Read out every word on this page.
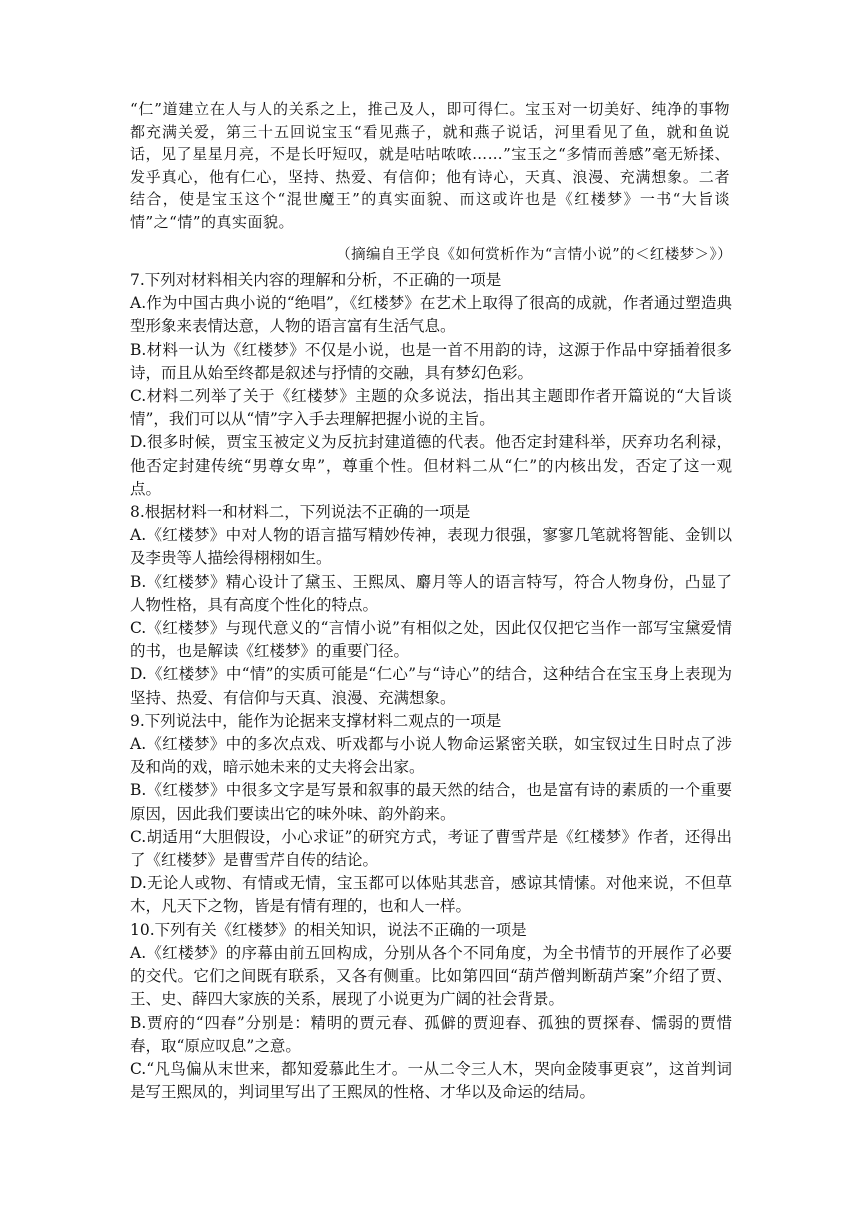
“仁”道建立在人与人的关系之上，推己及人，即可得仁。宝玉对一切美好、纯净的事物都充满关爱，第三十五回说宝玉“看见燕子，就和燕子说话，河里看见了鱼，就和鱼说话，见了星星月亮，不是长吁短叹，就是咕咕哝哝……”宝玉之“多情而善感”毫无矫揉、发乎真心，他有仁心，坚持、热爱、有信仰；他有诗心，天真、浪漫、充满想象。二者结合，使是宝玉这个“混世魔王”的真实面貌、而这或许也是《红楼梦》一书“大旨谈情”之“情”的真实面貌。

（摘编自王学良《如何赏析作为“言情小说”的＜红楼梦＞》）

7.下列对材料相关内容的理解和分析，不正确的一项是

A.作为中国古典小说的“绝唱”，《红楼梦》在艺术上取得了很高的成就，作者通过塑造典型形象来表情达意，人物的语言富有生活气息。

B.材料一认为《红楼梦》不仅是小说，也是一首不用韵的诗，这源于作品中穿插着很多诗，而且从始至终都是叙述与抒情的交融，具有梦幻色彩。

C.材料二列举了关于《红楼梦》主题的众多说法，指出其主题即作者开篇说的“大旨谈情”，我们可以从“情”字入手去理解把握小说的主旨。

D.很多时候，贾宝玉被定义为反抗封建道德的代表。他否定封建科举，厌弃功名利禄，他否定封建传统“男尊女卑”，尊重个性。但材料二从“仁”的内核出发，否定了这一观点。

8.根据材料一和材料二，下列说法不正确的一项是

A.《红楼梦》中对人物的语言描写精妙传神，表现力很强，寥寥几笔就将智能、金钏以及李贵等人描绘得栩栩如生。

B.《红楼梦》精心设计了黛玉、王熙凤、麝月等人的语言特写，符合人物身份，凸显了人物性格，具有高度个性化的特点。

C.《红楼梦》与现代意义的“言情小说”有相似之处，因此仅仅把它当作一部写宝黛爱情的书，也是解读《红楼梦》的重要门径。

D.《红楼梦》中“情”的实质可能是“仁心”与“诗心”的结合，这种结合在宝玉身上表现为坚持、热爱、有信仰与天真、浪漫、充满想象。

9.下列说法中，能作为论据来支撑材料二观点的一项是

A.《红楼梦》中的多次点戏、听戏都与小说人物命运紧密关联，如宝钗过生日时点了涉及和尚的戏，暗示她未来的丈夫将会出家。

B.《红楼梦》中很多文字是写景和叙事的最天然的结合，也是富有诗的素质的一个重要原因，因此我们要读出它的味外味、韵外韵来。

C.胡适用“大胆假设，小心求证”的研究方式，考证了曹雪芹是《红楼梦》作者，还得出了《红楼梦》是曹雪芹自传的结论。

D.无论人或物、有情或无情，宝玉都可以体贴其悲音，感谅其情愫。对他来说，不但草木，凡天下之物，皆是有情有理的，也和人一样。

10.下列有关《红楼梦》的相关知识，说法不正确的一项是

A.《红楼梦》的序幕由前五回构成，分别从各个不同角度，为全书情节的开展作了必要的交代。它们之间既有联系，又各有侧重。比如第四回“葫芦僧判断葫芦案”介绍了贾、王、史、薛四大家族的关系，展现了小说更为广阔的社会背景。

B.贾府的“四春”分别是：精明的贾元春、孤僻的贾迎春、孤独的贾探春、懦弱的贾惜春，取“原应叹息”之意。

C.“凡鸟偏从末世来，都知爱慕此生才。一从二令三人木，哭向金陵事更哀”，这首判词是写王熙凤的，判词里写出了王熙凤的性格、才华以及命运的结局。
